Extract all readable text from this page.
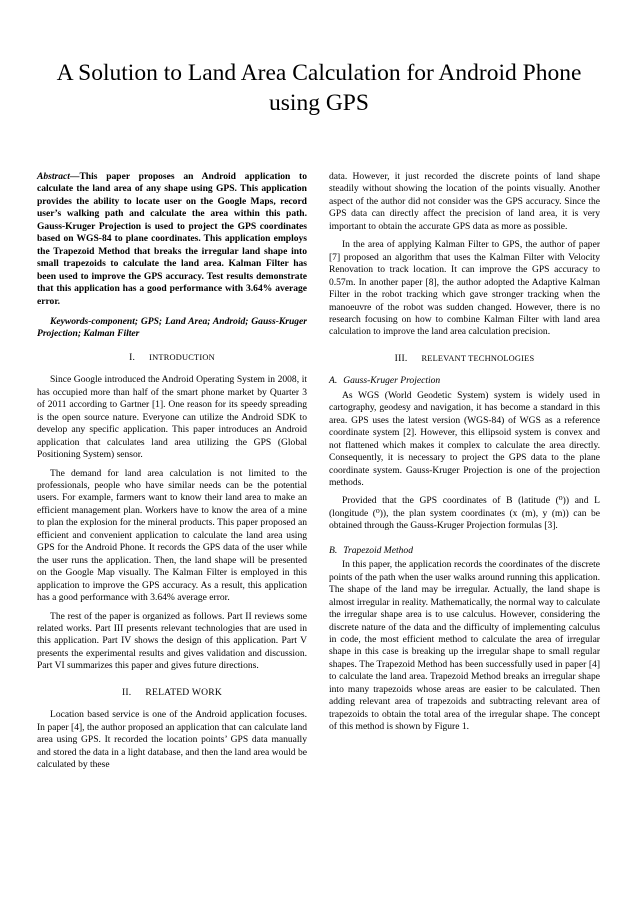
A Solution to Land Area Calculation for Android Phone using GPS

Abstract—This paper proposes an Android application to calculate the land area of any shape using GPS. This application provides the ability to locate user on the Google Maps, record user’s walking path and calculate the area within this path. Gauss-Kruger Projection is used to project the GPS coordinates based on WGS-84 to plane coordinates. This application employs the Trapezoid Method that breaks the irregular land shape into small trapezoids to calculate the land area. Kalman Filter has been used to improve the GPS accuracy. Test results demonstrate that this application has a good performance with 3.64% average error.

Keywords-component; GPS; Land Area; Android; Gauss-Kruger Projection; Kalman Filter

I. INTRODUCTION

Since Google introduced the Android Operating System in 2008, it has occupied more than half of the smart phone market by Quarter 3 of 2011 according to Gartner [1]. One reason for its speedy spreading is the open source nature. Everyone can utilize the Android SDK to develop any specific application. This paper introduces an Android application that calculates land area utilizing the GPS (Global Positioning System) sensor.

The demand for land area calculation is not limited to the professionals, people who have similar needs can be the potential users. For example, farmers want to know their land area to make an efficient management plan. Workers have to know the area of a mine to plan the explosion for the mineral products. This paper proposed an efficient and convenient application to calculate the land area using GPS for the Android Phone. It records the GPS data of the user while the user runs the application. Then, the land shape will be presented on the Google Map visually. The Kalman Filter is employed in this application to improve the GPS accuracy. As a result, this application has a good performance with 3.64% average error.

The rest of the paper is organized as follows. Part II reviews some related works. Part III presents relevant technologies that are used in this application. Part IV shows the design of this application. Part V presents the experimental results and gives validation and discussion. Part VI summarizes this paper and gives future directions.

II. RELATED WORK

Location based service is one of the Android application focuses. In paper [4], the author proposed an application that can calculate land area using GPS. It recorded the location points’ GPS data manually and stored the data in a light database, and then the land area would be calculated by these

data. However, it just recorded the discrete points of land shape steadily without showing the location of the points visually. Another aspect of the author did not consider was the GPS accuracy. Since the GPS data can directly affect the precision of land area, it is very important to obtain the accurate GPS data as more as possible.

In the area of applying Kalman Filter to GPS, the author of paper [7] proposed an algorithm that uses the Kalman Filter with Velocity Renovation to track location. It can improve the GPS accuracy to 0.57m. In another paper [8], the author adopted the Adaptive Kalman Filter in the robot tracking which gave stronger tracking when the manoeuvre of the robot was sudden changed. However, there is no research focusing on how to combine Kalman Filter with land area calculation to improve the land area calculation precision.

III. RELEVANT TECHNOLOGIES

A. Gauss-Kruger Projection

As WGS (World Geodetic System) system is widely used in cartography, geodesy and navigation, it has become a standard in this area. GPS uses the latest version (WGS-84) of WGS as a reference coordinate system [2]. However, this ellipsoid system is convex and not flattened which makes it complex to calculate the area directly. Consequently, it is necessary to project the GPS data to the plane coordinate system. Gauss-Kruger Projection is one of the projection methods.

Provided that the GPS coordinates of B (latitude (⁰)) and L (longitude (⁰)), the plan system coordinates (x (m), y (m)) can be obtained through the Gauss-Kruger Projection formulas [3].

B. Trapezoid Method

In this paper, the application records the coordinates of the discrete points of the path when the user walks around running this application. The shape of the land may be irregular. Actually, the land shape is almost irregular in reality. Mathematically, the normal way to calculate the irregular shape area is to use calculus. However, considering the discrete nature of the data and the difficulty of implementing calculus in code, the most efficient method to calculate the area of irregular shape in this case is breaking up the irregular shape to small regular shapes. The Trapezoid Method has been successfully used in paper [4] to calculate the land area. Trapezoid Method breaks an irregular shape into many trapezoids whose areas are easier to be calculated. Then adding relevant area of trapezoids and subtracting relevant area of trapezoids to obtain the total area of the irregular shape. The concept of this method is shown by Figure 1.
